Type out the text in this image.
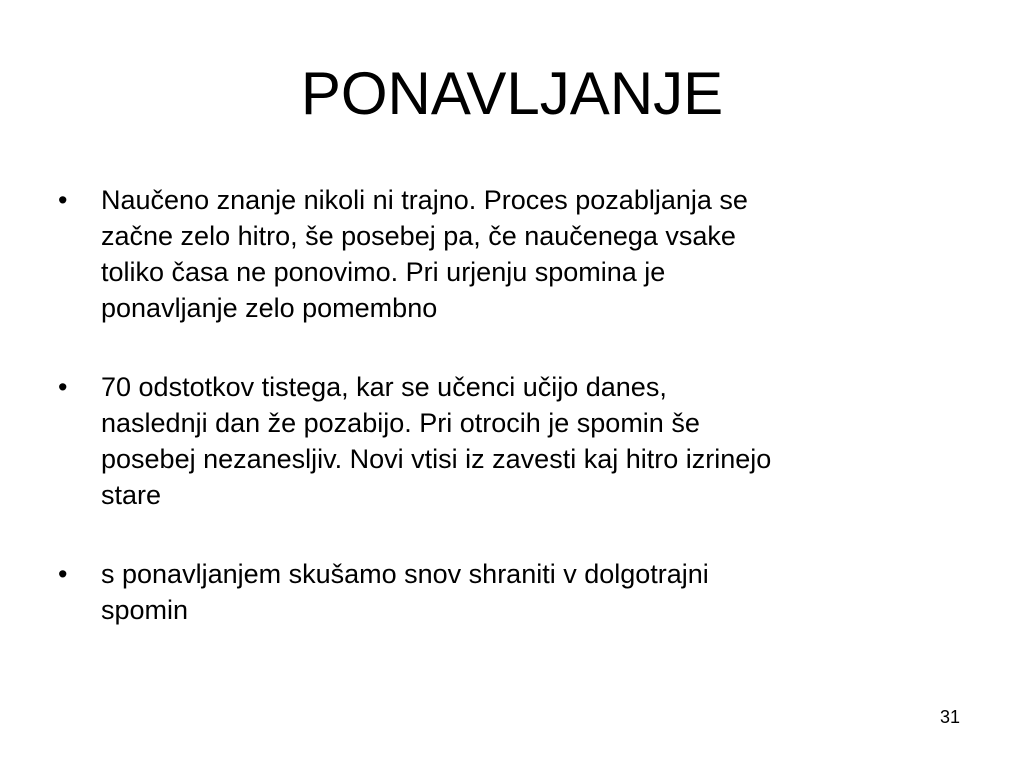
PONAVLJANJE
•	Naučeno znanje nikoli ni trajno. Proces pozabljanja se
začne zelo hitro, še posebej pa, če naučenega vsake
toliko časa ne ponovimo. Pri urjenju spomina je
ponavljanje zelo pomembno
•	70 odstotkov tistega, kar se učenci učijo danes,
naslednji dan že pozabijo. Pri otrocih je spomin še
posebej nezanesljiv. Novi vtisi iz zavesti kaj hitro izrinejo
stare
•	s ponavljanjem skušamo snov shraniti v dolgotrajni
spomin
31
